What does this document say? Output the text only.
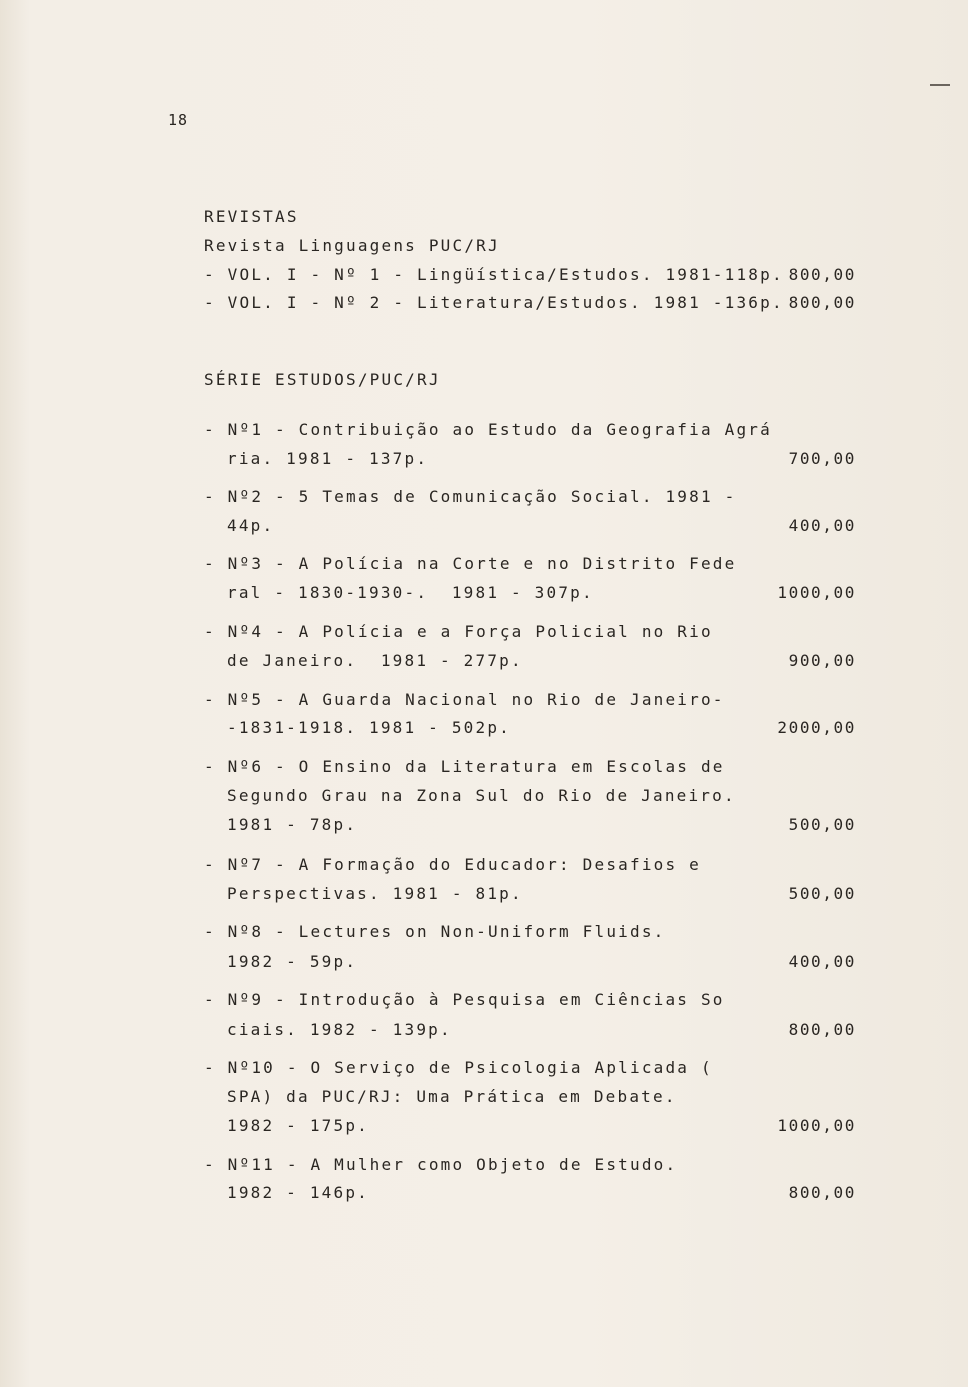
18
REVISTAS
Revista Linguagens PUC/RJ
- VOL. I - Nº 1 - Lingüística/Estudos. 1981-118p. 800,00
- VOL. I - Nº 2 - Literatura/Estudos. 1981 -136p. 800,00
SÉRIE ESTUDOS/PUC/RJ
- Nº1 - Contribuição ao Estudo da Geografia Agrá
ria. 1981 - 137p.	700,00
- Nº2 - 5 Temas de Comunicação Social. 1981 -
44p.	400,00
- Nº3 - A Polícia na Corte e no Distrito Fede
ral - 1830-1930-.  1981 - 307p.	1000,00
- Nº4 - A Polícia e a Força Policial no Rio
de Janeiro.  1981 - 277p.	900,00
- Nº5 - A Guarda Nacional no Rio de Janeiro-
-1831-1918. 1981 - 502p.	2000,00
- Nº6 - O Ensino da Literatura em Escolas de
Segundo Grau na Zona Sul do Rio de Janeiro.
1981 - 78p.	500,00
- Nº7 - A Formação do Educador: Desafios e
Perspectivas. 1981 - 81p.	500,00
- Nº8 - Lectures on Non-Uniform Fluids.
1982 - 59p.	400,00
- Nº9 - Introdução à Pesquisa em Ciências So
ciais. 1982 - 139p.	800,00
- Nº10 - O Serviço de Psicologia Aplicada (
SPA) da PUC/RJ: Uma Prática em Debate.
1982 - 175p.	1000,00
- Nº11 - A Mulher como Objeto de Estudo.
1982 - 146p.	800,00
